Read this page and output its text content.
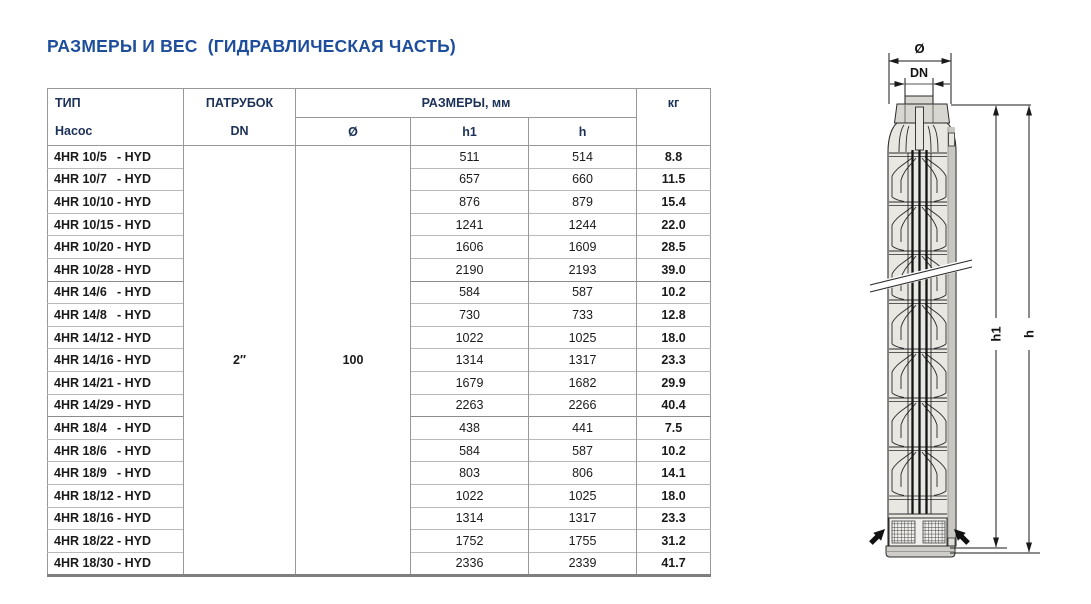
РАЗМЕРЫ И ВЕС  (ГИДРАВЛИЧЕСКАЯ ЧАСТЬ)
ТИП	ПАТРУБОК	РАЗМЕРЫ, мм			кг
Насос	DN	Ø	h1	h	
4HR 10/5 - HYD	2″	100	511	514	8.8
4HR 10/7 - HYD			657	660	11.5
4HR 10/10 - HYD			876	879	15.4
4HR 10/15 - HYD			1241	1244	22.0
4HR 10/20 - HYD			1606	1609	28.5
4HR 10/28 - HYD			2190	2193	39.0
4HR 14/6 - HYD			584	587	10.2
4HR 14/8 - HYD			730	733	12.8
4HR 14/12 - HYD			1022	1025	18.0
4HR 14/16 - HYD			1314	1317	23.3
4HR 14/21 - HYD			1679	1682	29.9
4HR 14/29 - HYD			2263	2266	40.4
4HR 18/4 - HYD			438	441	7.5
4HR 18/6 - HYD			584	587	10.2
4HR 18/9 - HYD			803	806	14.1
4HR 18/12 - HYD			1022	1025	18.0
4HR 18/16 - HYD			1314	1317	23.3
4HR 18/22 - HYD			1752	1755	31.2
4HR 18/30 - HYD			2336	2339	41.7
Ø
DN
h1 h
